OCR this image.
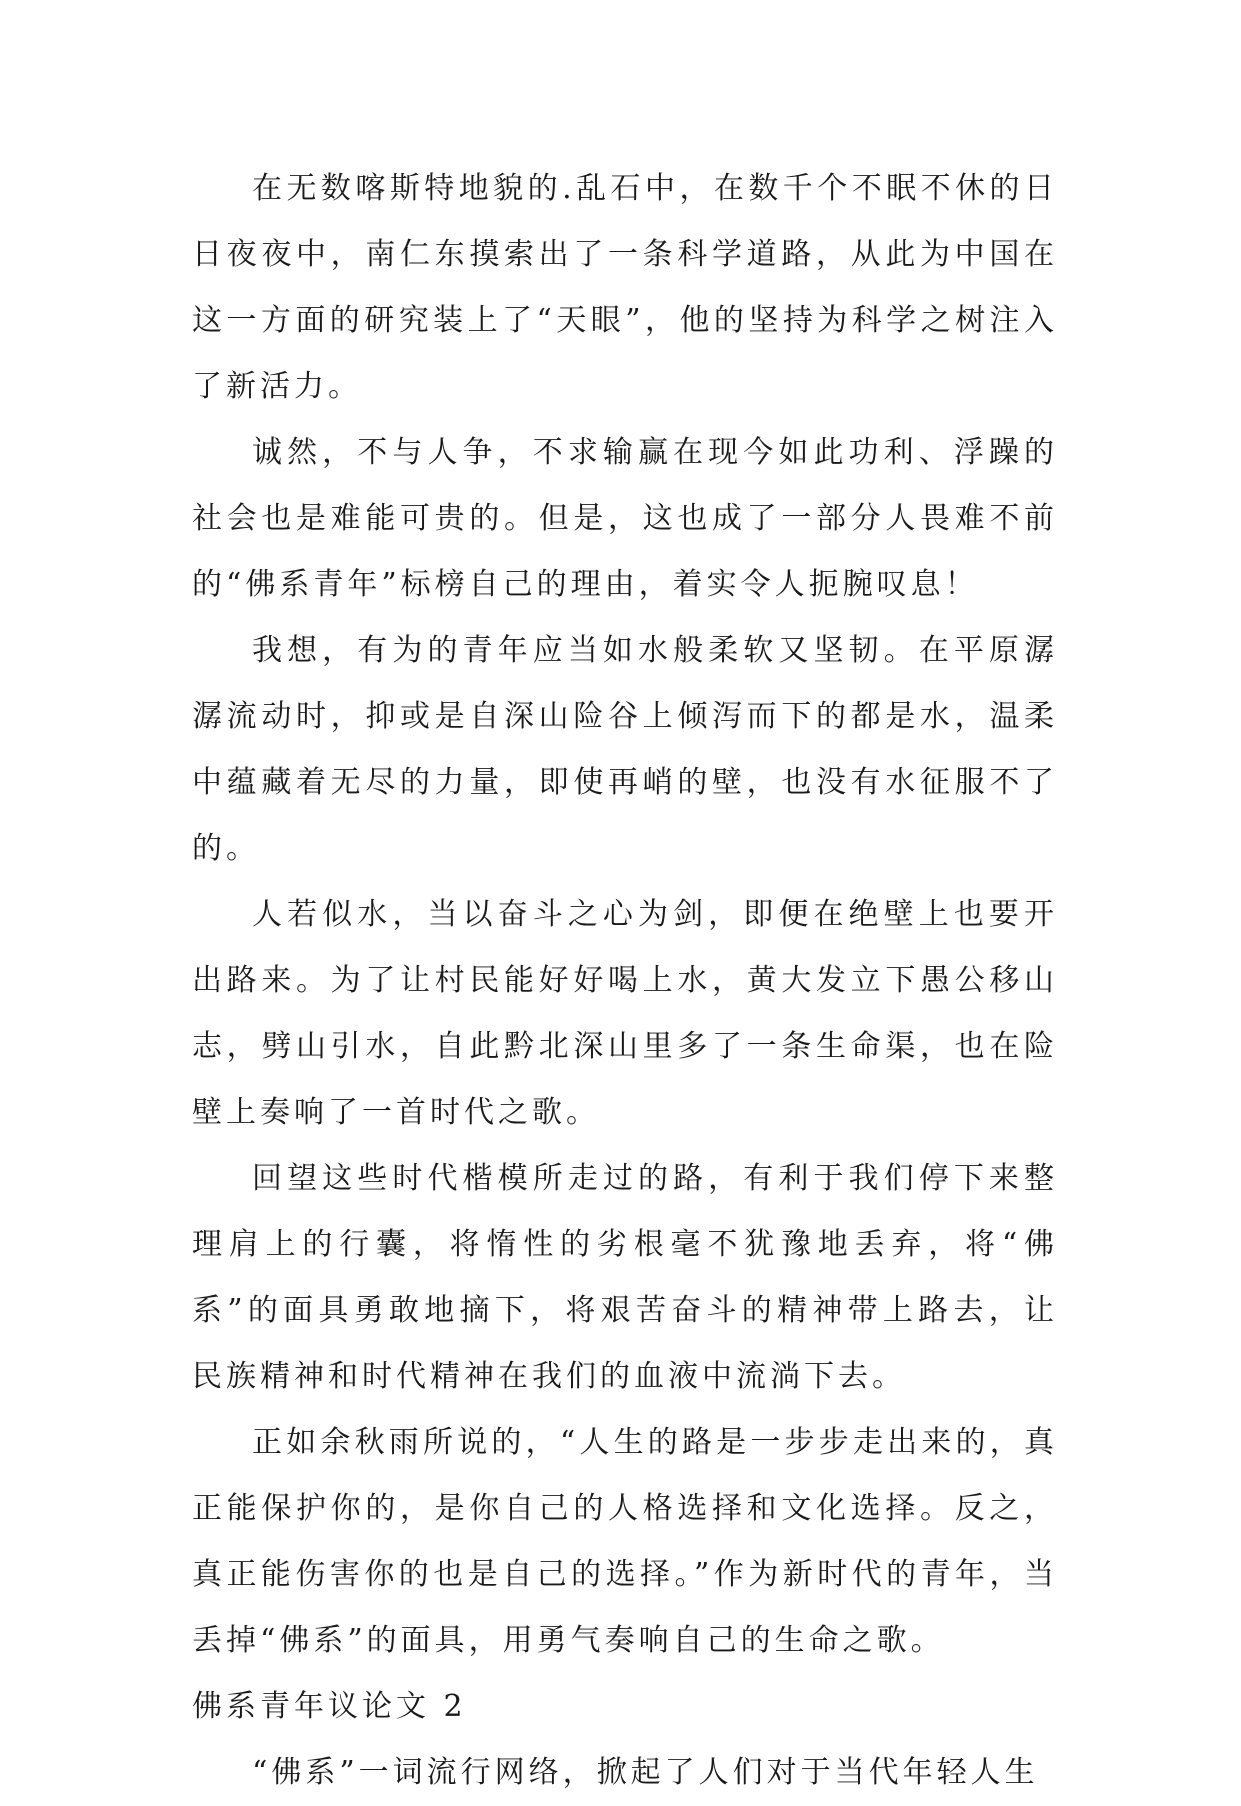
在无数喀斯特地貌的.乱石中，在数千个不眠不休的日日夜夜中，南仁东摸索出了一条科学道路，从此为中国在这一方面的研究装上了“天眼”，他的坚持为科学之树注入了新活力。

诚然，不与人争，不求输赢在现今如此功利、浮躁的社会也是难能可贵的。但是，这也成了一部分人畏难不前的“佛系青年”标榜自己的理由，着实令人扼腕叹息！

我想，有为的青年应当如水般柔软又坚韧。在平原潺潺流动时，抑或是自深山险谷上倾泻而下的都是水，温柔中蕴藏着无尽的力量，即使再峭的壁，也没有水征服不了的。

人若似水，当以奋斗之心为剑，即便在绝壁上也要开出路来。为了让村民能好好喝上水，黄大发立下愚公移山志，劈山引水，自此黔北深山里多了一条生命渠，也在险壁上奏响了一首时代之歌。

回望这些时代楷模所走过的路，有利于我们停下来整理肩上的行囊，将惰性的劣根毫不犹豫地丢弃，将“佛系”的面具勇敢地摘下，将艰苦奋斗的精神带上路去，让民族精神和时代精神在我们的血液中流淌下去。

正如余秋雨所说的，“人生的路是一步步走出来的，真正能保护你的，是你自己的人格选择和文化选择。反之，真正能伤害你的也是自己的选择。”作为新时代的青年，当丢掉“佛系”的面具，用勇气奏响自己的生命之歌。

佛系青年议论文 2

“佛系”一词流行网络，掀起了人们对于当代年轻人生
